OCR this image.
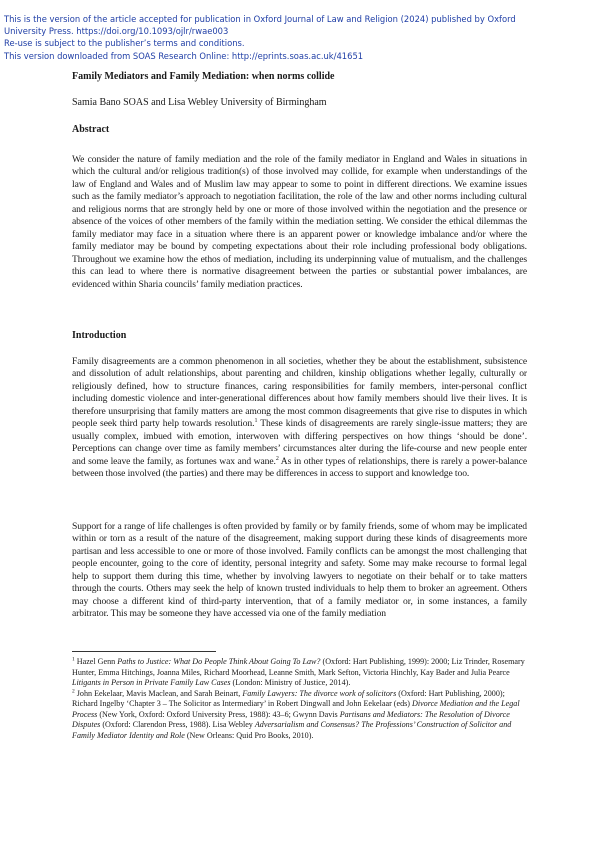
This is the version of the article accepted for publication in Oxford Journal of Law and Religion (2024) published by Oxford
University Press. https://doi.org/10.1093/ojlr/rwae003
Re-use is subject to the publisher’s terms and conditions.
This version downloaded from SOAS Research Online: http://eprints.soas.ac.uk/41651
Family Mediators and Family Mediation: when norms collide
Samia Bano SOAS and Lisa Webley University of Birmingham
Abstract
We consider the nature of family mediation and the role of the family mediator in England and Wales in situations in which the cultural and/or religious tradition(s) of those involved may collide, for example when understandings of the law of England and Wales and of Muslim law may appear to some to point in different directions. We examine issues such as the family mediator’s approach to negotiation facilitation, the role of the law and other norms including cultural and religious norms that are strongly held by one or more of those involved within the negotiation and the presence or absence of the voices of other members of the family within the mediation setting. We consider the ethical dilemmas the family mediator may face in a situation where there is an apparent power or knowledge imbalance and/or where the family mediator may be bound by competing expectations about their role including professional body obligations. Throughout we examine how the ethos of mediation, including its underpinning value of mutualism, and the challenges this can lead to where there is normative disagreement between the parties or substantial power imbalances, are evidenced within Sharia councils’ family mediation practices.
Introduction
Family disagreements are a common phenomenon in all societies, whether they be about the establishment, subsistence and dissolution of adult relationships, about parenting and children, kinship obligations whether legally, culturally or religiously defined, how to structure finances, caring responsibilities for family members, inter-personal conflict including domestic violence and inter-generational differences about how family members should live their lives. It is therefore unsurprising that family matters are among the most common disagreements that give rise to disputes in which people seek third party help towards resolution.$^1$ These kinds of disagreements are rarely single-issue matters; they are usually complex, imbued with emotion, interwoven with differing perspectives on how things ‘should be done’. Perceptions can change over time as family members’ circumstances alter during the life-course and new people enter and some leave the family, as fortunes wax and wane.$^2$ As in other types of relationships, there is rarely a power-balance between those involved (the parties) and there may be differences in access to support and knowledge too.
Support for a range of life challenges is often provided by family or by family friends, some of whom may be implicated within or torn as a result of the nature of the disagreement, making support during these kinds of disagreements more partisan and less accessible to one or more of those involved. Family conflicts can be amongst the most challenging that people encounter, going to the core of identity, personal integrity and safety. Some may make recourse to formal legal help to support them during this time, whether by involving lawyers to negotiate on their behalf or to take matters through the courts. Others may seek the help of known trusted individuals to help them to broker an agreement. Others may choose a different kind of third-party intervention, that of a family mediator or, in some instances, a family arbitrator. This may be someone they have accessed via one of the family mediation
$^1$ Hazel Genn Paths to Justice: What Do People Think About Going To Law? (Oxford: Hart Publishing, 1999): 2000; Liz Trinder, Rosemary Hunter, Emma Hitchings, Joanna Miles, Richard Moorhead, Leanne Smith, Mark Sefton, Victoria Hinchly, Kay Bader and Julia Pearce Litigants in Person in Private Family Law Cases (London: Ministry of Justice, 2014).
$^2$ John Eekelaar, Mavis Maclean, and Sarah Beinart, Family Lawyers: The divorce work of solicitors (Oxford: Hart Publishing, 2000); Richard Ingelby ‘Chapter 3 – The Solicitor as Intermediary’ in Robert Dingwall and John Eekelaar (eds) Divorce Mediation and the Legal Process (New York, Oxford: Oxford University Press, 1988): 43–6; Gwynn Davis Partisans and Mediators: The Resolution of Divorce Disputes (Oxford: Clarendon Press, 1988). Lisa Webley Adversarialism and Consensus? The Professions’ Construction of Solicitor and Family Mediator Identity and Role (New Orleans: Quid Pro Books, 2010).
